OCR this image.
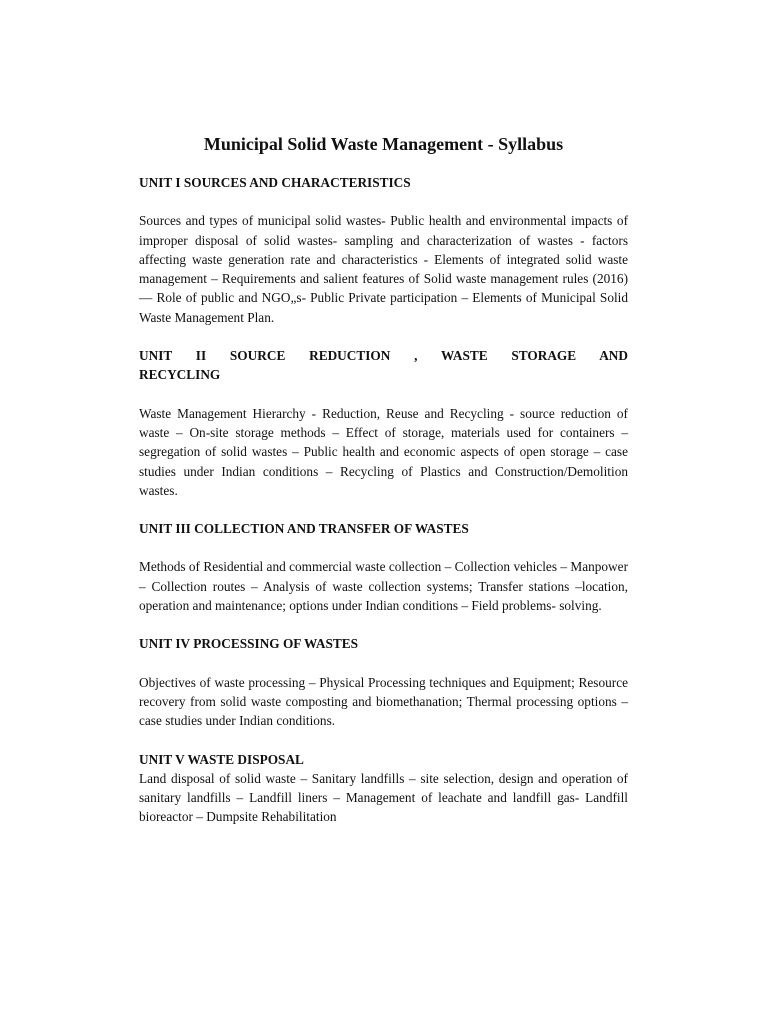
Municipal Solid Waste Management - Syllabus
UNIT I SOURCES AND CHARACTERISTICS

Sources and types of municipal solid wastes- Public health and environmental impacts of improper disposal of solid wastes- sampling and characterization of wastes - factors affecting waste generation rate and characteristics - Elements of integrated solid waste management – Requirements and salient features of Solid waste management rules (2016) — Role of public and NGO„s- Public Private participation – Elements of Municipal Solid Waste Management Plan.

UNIT II SOURCE REDUCTION , WASTE STORAGE AND
RECYCLING

Waste Management Hierarchy - Reduction, Reuse and Recycling - source reduction of waste – On-site storage methods – Effect of storage, materials used for containers – segregation of solid wastes – Public health and economic aspects of open storage – case studies under Indian conditions – Recycling of Plastics and Construction/Demolition wastes.

UNIT III COLLECTION AND TRANSFER OF WASTES

Methods of Residential and commercial waste collection – Collection vehicles – Manpower – Collection routes – Analysis of waste collection systems; Transfer stations –location, operation and maintenance; options under Indian conditions – Field problems- solving.

UNIT IV PROCESSING OF WASTES

Objectives of waste processing – Physical Processing techniques and Equipment; Resource recovery from solid waste composting and biomethanation; Thermal processing options – case studies under Indian conditions.

UNIT V WASTE DISPOSAL

Land disposal of solid waste – Sanitary landfills – site selection, design and operation of sanitary landfills – Landfill liners – Management of leachate and landfill gas- Landfill bioreactor – Dumpsite Rehabilitation
